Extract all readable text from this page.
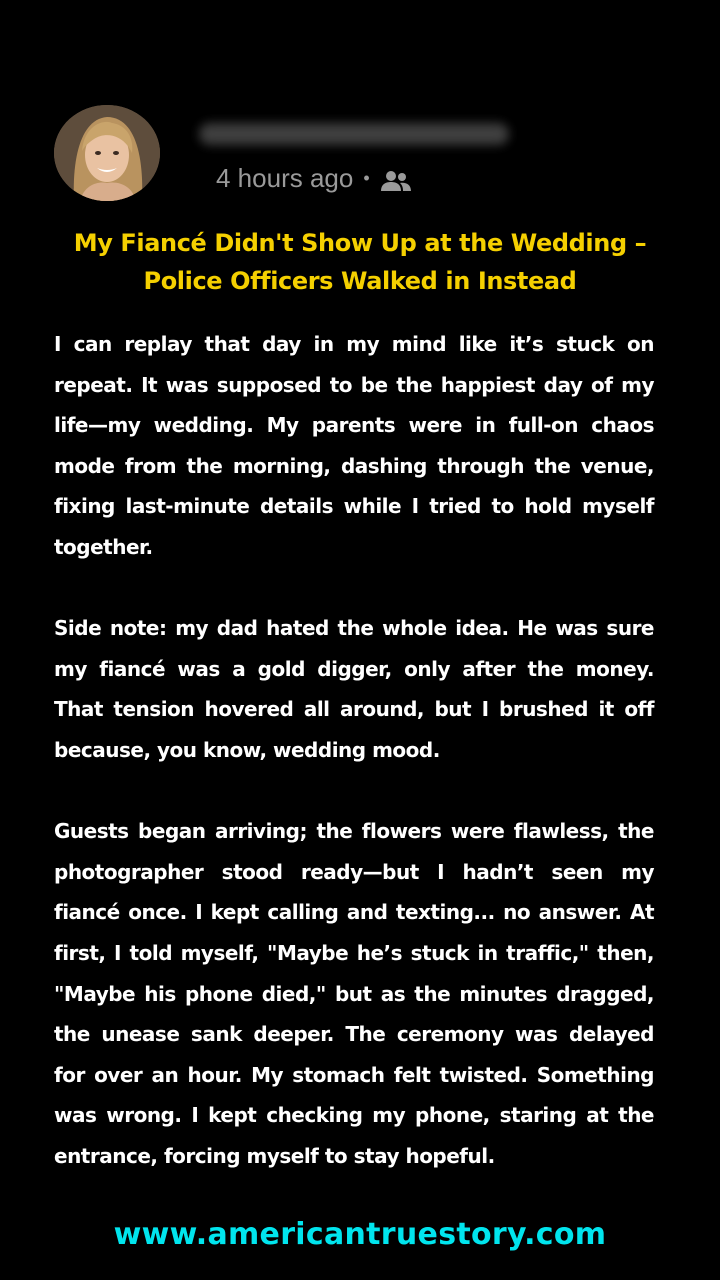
4 hours ago •
My Fiancé Didn't Show Up at the Wedding –
Police Officers Walked in Instead

I can replay that day in my mind like it’s stuck on repeat. It was supposed to be the happiest day of my life—my wedding. My parents were in full-on chaos mode from the morning, dashing through the venue, fixing last-minute details while I tried to hold myself together.

Side note: my dad hated the whole idea. He was sure my fiancé was a gold digger, only after the money. That tension hovered all around, but I brushed it off because, you know, wedding mood.

Guests began arriving; the flowers were flawless, the photographer stood ready—but I hadn’t seen my fiancé once. I kept calling and texting... no answer. At first, I told myself, "Maybe he’s stuck in traffic," then, "Maybe his phone died," but as the minutes dragged, the unease sank deeper. The ceremony was delayed for over an hour. My stomach felt twisted. Something was wrong. I kept checking my phone, staring at the entrance, forcing myself to stay hopeful.

www.americantruestory.com
